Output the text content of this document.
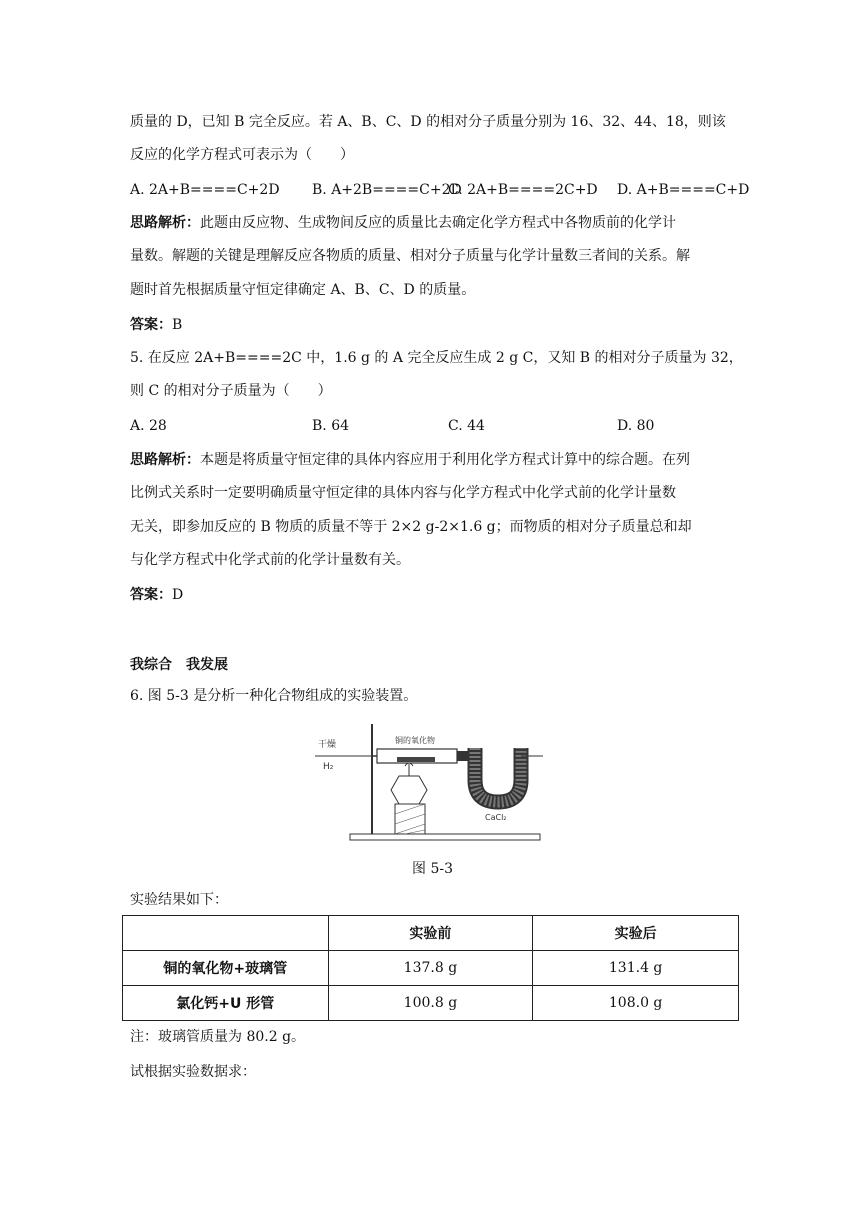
质量的 D，已知 B 完全反应。若 A、B、C、D 的相对分子质量分别为 16、32、44、18，则该
反应的化学方程式可表示为（　　）
A. 2A+B====C+2D B. A+2B====C+2D
C. 2A+B====2C+D D. A+B====C+D
思路解析：此题由反应物、生成物间反应的质量比去确定化学方程式中各物质前的化学计
量数。解题的关键是理解反应各物质的质量、相对分子质量与化学计量数三者间的关系。解
题时首先根据质量守恒定律确定 A、B、C、D 的质量。
答案：B
5. 在反应 2A+B====2C 中，1.6 g 的 A 完全反应生成 2 g C，又知 B 的相对分子质量为 32，
则 C 的相对分子质量为（　　）
A. 28	B. 64	C. 44	D. 80
思路解析：本题是将质量守恒定律的具体内容应用于利用化学方程式计算中的综合题。在列
比例式关系时一定要明确质量守恒定律的具体内容与化学方程式中化学式前的化学计量数
无关，即参加反应的 B 物质的质量不等于 2×2 g-2×1.6 g；而物质的相对分子质量总和却
与化学方程式中化学式前的化学计量数有关。
答案：D
我综合　我发展
6. 图 5-3 是分析一种化合物组成的实验装置。
干燥
H₂
铜的氧化物
CaCl₂
图 5-3
实验结果如下：
	实验前	实验后
铜的氧化物+玻璃管	137.8 g	131.4 g
氯化钙+U 形管	100.8 g	108.0 g
注：玻璃管质量为 80.2 g。
试根据实验数据求：
